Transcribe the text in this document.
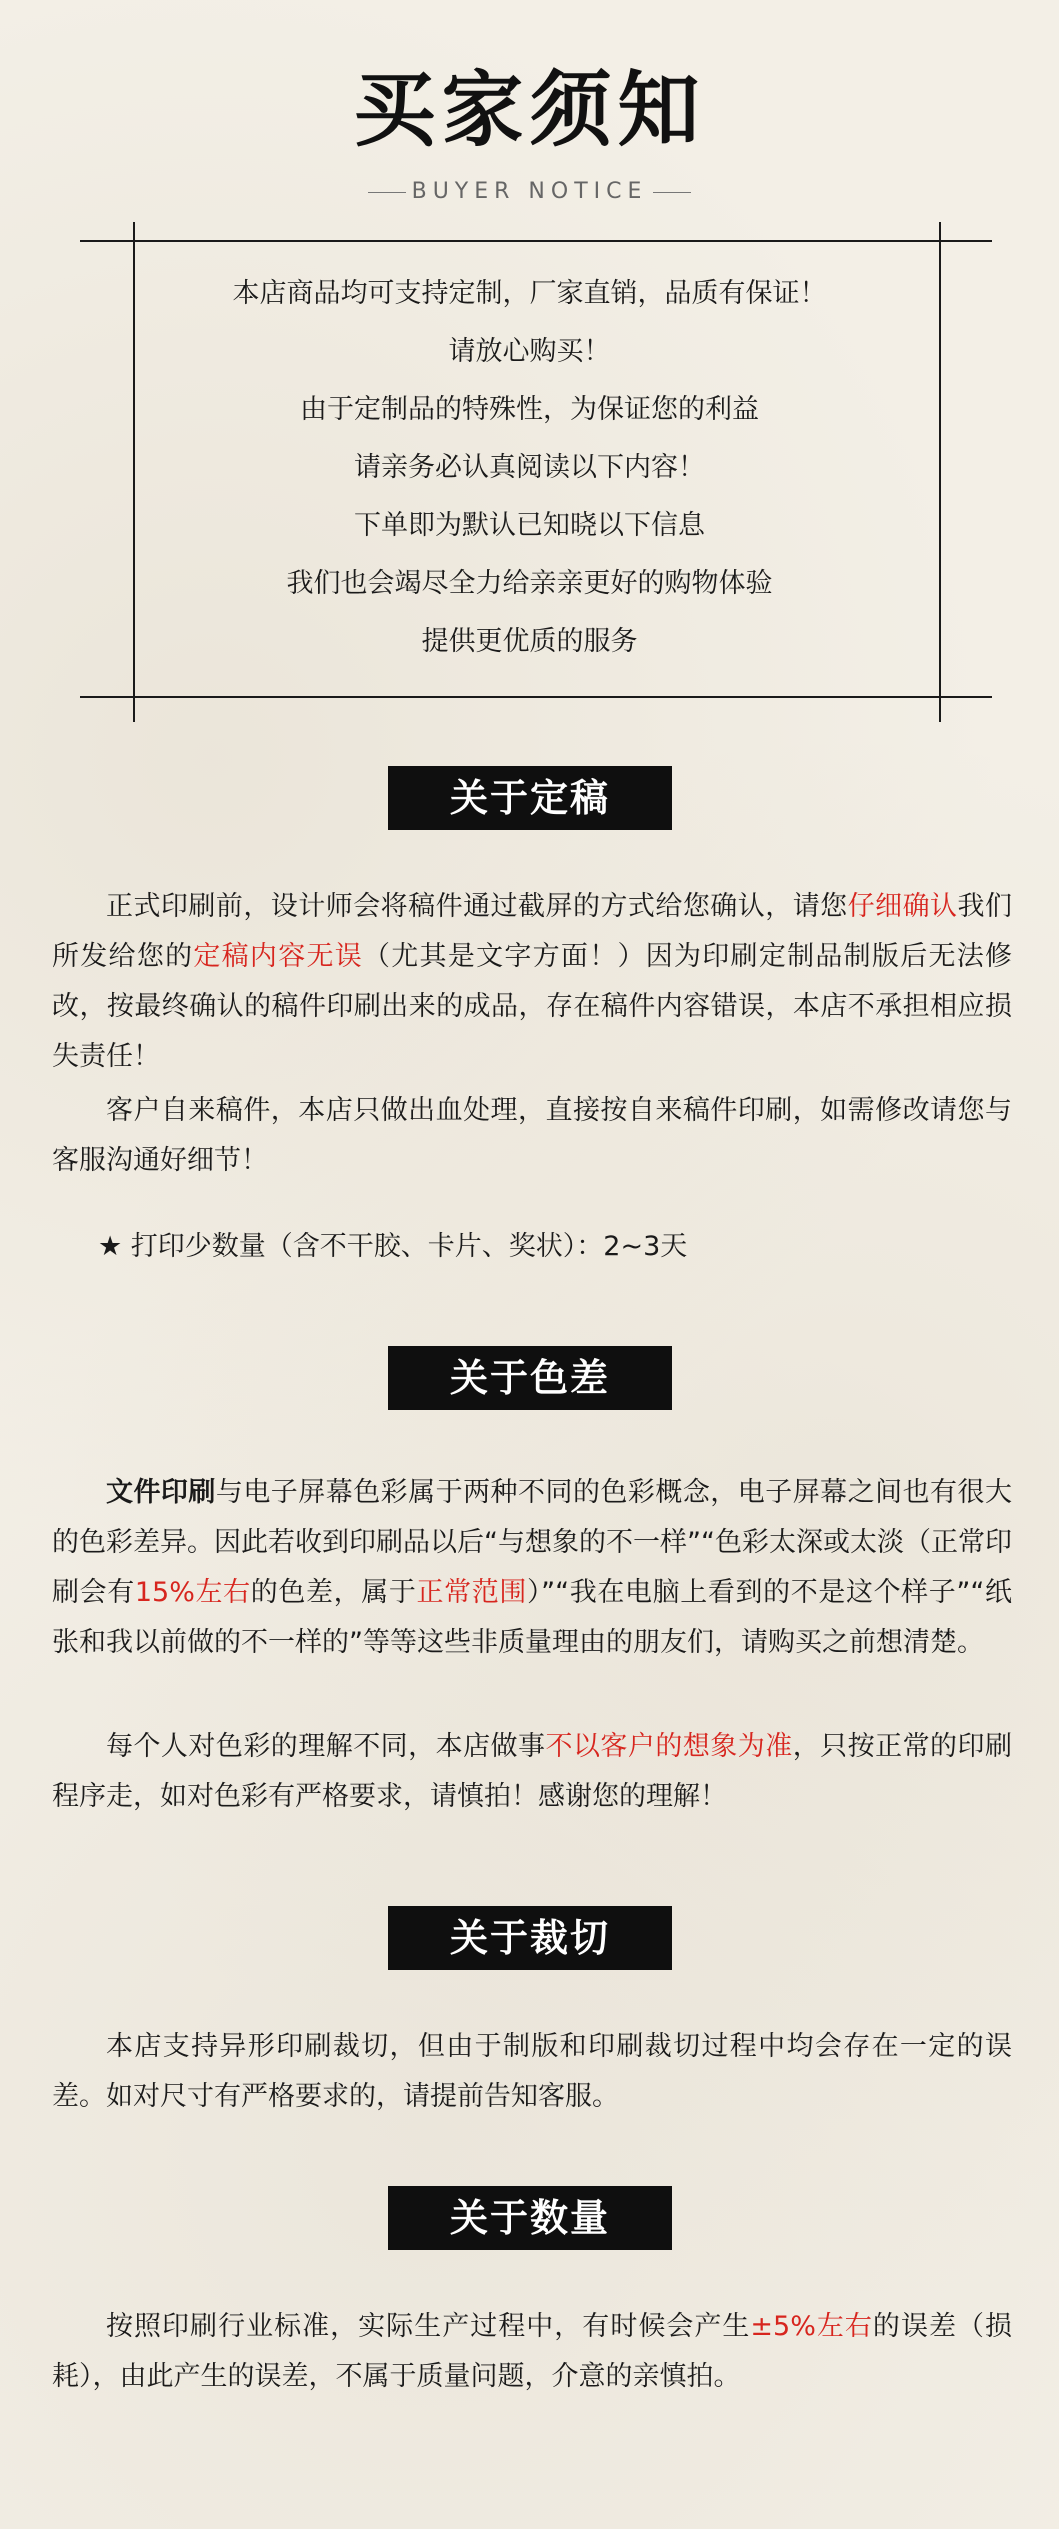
买家须知
BUYER NOTICE
本店商品均可支持定制，厂家直销，品质有保证！
请放心购买！
由于定制品的特殊性，为保证您的利益
请亲务必认真阅读以下内容！
下单即为默认已知晓以下信息
我们也会竭尽全力给亲亲更好的购物体验
提供更优质的服务
关于定稿
正式印刷前，设计师会将稿件通过截屏的方式给您确认，请您仔细确认我们所发给您的定稿内容无误（尤其是文字方面！）因为印刷定制品制版后无法修改，按最终确认的稿件印刷出来的成品，存在稿件内容错误，本店不承担相应损失责任！
客户自来稿件，本店只做出血处理，直接按自来稿件印刷，如需修改请您与客服沟通好细节！
★ 打印少数量（含不干胶、卡片、奖状）：2~3天
关于色差
文件印刷与电子屏幕色彩属于两种不同的色彩概念，电子屏幕之间也有很大的色彩差异。因此若收到印刷品以后“与想象的不一样”“色彩太深或太淡（正常印刷会有15%左右的色差，属于正常范围）”“我在电脑上看到的不是这个样子”“纸张和我以前做的不一样的”等等这些非质量理由的朋友们，请购买之前想清楚。
每个人对色彩的理解不同，本店做事不以客户的想象为准，只按正常的印刷程序走，如对色彩有严格要求，请慎拍！感谢您的理解！
关于裁切
本店支持异形印刷裁切，但由于制版和印刷裁切过程中均会存在一定的误差。如对尺寸有严格要求的，请提前告知客服。
关于数量
按照印刷行业标准，实际生产过程中，有时候会产生±5%左右的误差（损耗），由此产生的误差，不属于质量问题，介意的亲慎拍。
